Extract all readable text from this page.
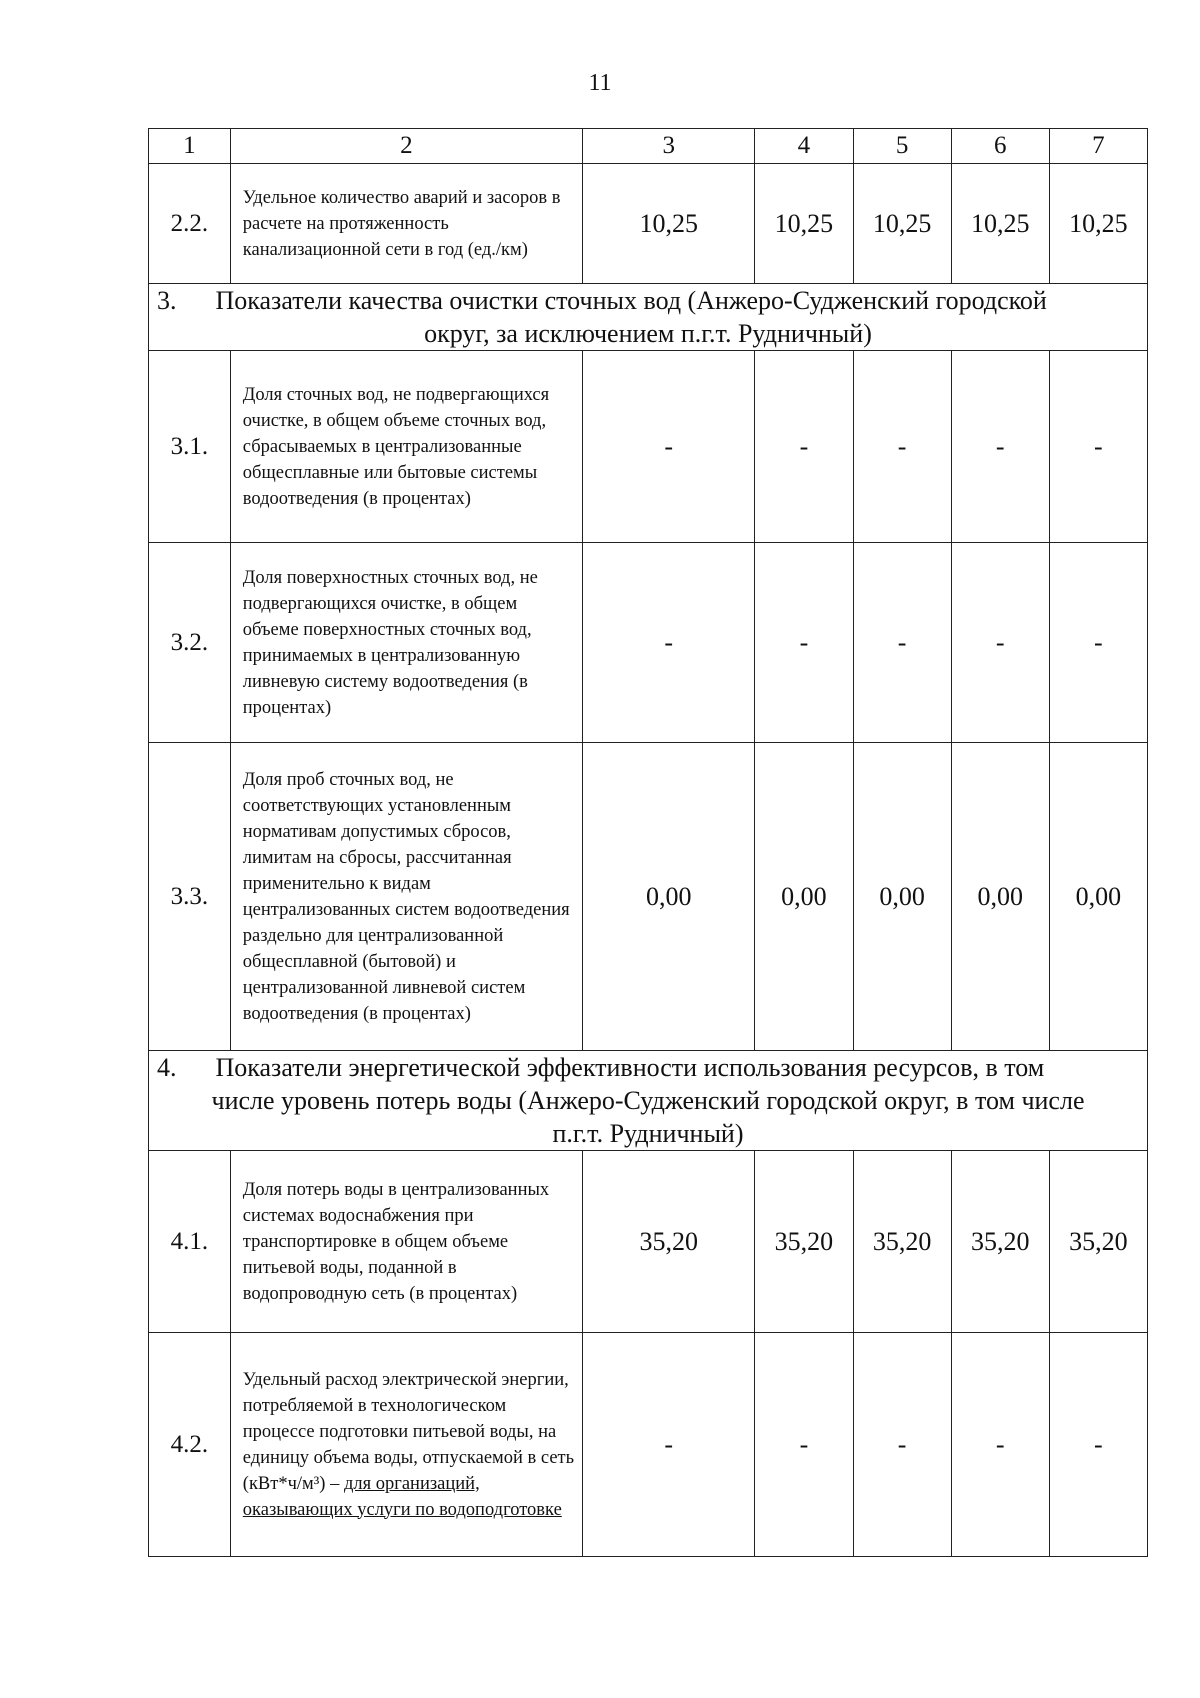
11
1	2	3	4	5	6	7
2.2.	Удельное количество аварий и засоров в расчете на протяженность канализационной сети в год (ед./км)	10,25	10,25	10,25	10,25	10,25

3. Показатели качества очистки сточных вод (Анжеро-Судженский городской
округ, за исключением п.г.т. Рудничный)						

3.1.	Доля сточных вод, не подвергающихся очистке, в общем объеме сточных вод, сбрасываемых в централизованные общесплавные или бытовые системы водоотведения (в процентах)	-	-	-	-	-
3.2.	Доля поверхностных сточных вод, не подвергающихся очистке, в общем объеме поверхностных сточных вод, принимаемых в централизованную ливневую систему водоотведения (в процентах)	-	-	-	-	-
3.3.	Доля проб сточных вод, не соответствующих установленным нормативам допустимых сбросов, лимитам на сбросы, рассчитанная применительно к видам централизованных систем водоотведения раздельно для централизованной общесплавной (бытовой) и централизованной ливневой систем водоотведения (в процентах)	0,00	0,00	0,00	0,00	0,00

4. Показатели энергетической эффективности использования ресурсов, в том
числе уровень потерь воды (Анжеро-Судженский городской округ, в том числе
п.г.т. Рудничный)						

4.1.	Доля потерь воды в централизованных системах водоснабжения при транспортировке в общем объеме питьевой воды, поданной в водопроводную сеть (в процентах)	35,20	35,20	35,20	35,20	35,20
4.2.	Удельный расход электрической энергии, потребляемой в технологическом процессе подготовки питьевой воды, на единицу объема воды, отпускаемой в сеть (кВт*ч/м³) – для организаций, оказывающих услуги по водоподготовке	-	-	-	-	-
